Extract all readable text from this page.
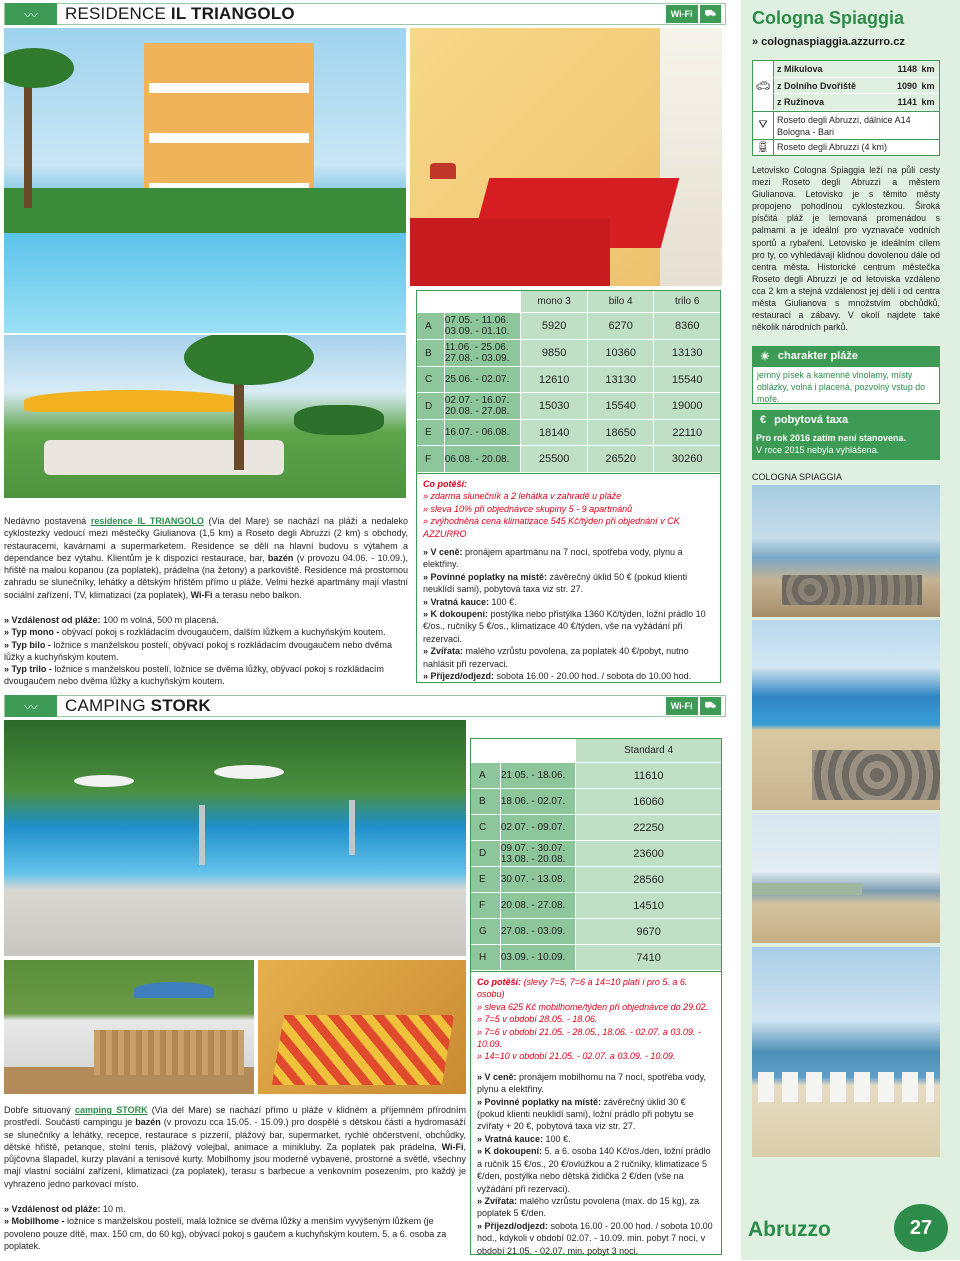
〰	RESIDENCE IL TRIANGOLO	Wi-Fi	⛟
Nedávno postavená residence IL TRIANGOLO (Via del Mare) se nachází na pláži a nedaleko cyklostezky vedoucí mezi městečky Giulianova (1,5 km) a Roseto degli Abruzzi (2 km) s obchody, restauracemi, kavárnami a supermarketem. Residence se dělí na hlavní budovu s výtahem a dependance bez výtahu. Klientům je k dispozici restaurace, bar, bazén (v provozu 04.06. - 10.09.), hřiště na malou kopanou (za poplatek), prádelna (na žetony) a parkoviště. Residence má prostornou zahradu se slunečníky, lehátky a dětským hřištěm přímo u pláže. Velmi hezké apartmány mají vlastní sociální zařízení, TV, klimatizaci (za poplatek), Wi-Fi a terasu nebo balkon.
» Vzdálenost od pláže: 100 m volná, 500 m placená.
» Typ mono - obývací pokoj s rozkládacím dvougaučem, dalším lůžkem a kuchyňským koutem.
» Typ bilo - ložnice s manželskou postelí, obývací pokoj s rozkládacím dvougaučem nebo dvěma lůžky a kuchyňským koutem.
» Typ trilo - ložnice s manželskou postelí, ložnice se dvěma lůžky, obývací pokoj s rozkládacím dvougaučem nebo dvěma lůžky a kuchyňským koutem.
mono 3	bilo 4	trilo 6
A	07.05. - 11.06.
03.09. - 01.10.	5920	6270	8360
B	11.06. - 25.06.
27.08. - 03.09.	9850	10360	13130
C	25.06. - 02.07.	12610	13130	15540
D	02.07. - 16.07.
20.08. - 27.08.	15030	15540	19000
E	16.07. - 06.08.	18140	18650	22110
F	06.08. - 20.08.	25500	26520	30260
Co potěší:
» zdarma slunečník a 2 lehátka v zahradě u pláže
» sleva 10% při objednávce skupiny 5 - 9 apartmánů
» zvýhodněná cena klimatizace 545 Kč/týden při objednání v CK AZZURRO
» V ceně: pronájem apartmánu na 7 nocí, spotřeba vody, plynu a elektřiny.
» Povinné poplatky na místě: závěrečný úklid 50 € (pokud klienti neuklídí sami), pobytová taxa viz str. 27.
» Vratná kauce: 100 €.
» K dokoupení: postýlka nebo přistýlka 1360 Kč/týden, ložní prádlo 10 €/os., ručníky 5 €/os., klimatizace 40 €/týden, vše na vyžádání při rezervaci.
» Zvířata: malého vzrůstu povolena, za poplatek 40 €/pobyt, nutno nahlásit při rezervaci.
» Příjezd/odjezd: sobota 16.00 - 20.00 hod. / sobota do 10.00 hod.
〰	CAMPING STORK	Wi-Fi	⛟
Dobře situovaný camping STORK (Via del Mare) se nachází přímo u pláže v klidném a příjemném přírodním prostředí. Součástí campingu je bazén (v provozu cca 15.05. - 15.09.) pro dospělé s dětskou částí a hydromasáží se slunečníky a lehátky, recepce, restaurace s pizzerií, plážový bar, supermarket, rychlé občerstvení, obchůdky, dětské hřiště, petanque, stolní tenis, plážový volejbal, animace a minikluby. Za poplatek pak prádelna, Wi-Fi, půjčovna šlapadel, kurzy plavání a tenisové kurty. Mobilhomy jsou moderně vybavené, prostorné a světlé, všechny mají vlastní sociální zařízení, klimatizaci (za poplatek), terasu s barbecue a venkovním posezením, pro každý je vyhrazeno jedno parkovací místo.
» Vzdálenost od pláže: 10 m.
» Mobilhome - ložnice s manželskou postelí, malá ložnice se dvěma lůžky a menším vyvýšeným lůžkem (je povoleno pouze dítě, max. 150 cm, do 60 kg), obývací pokoj s gaučem a kuchyňským koutem. 5. a 6. osoba za poplatek.
Standard 4
A	21.05. - 18.06.	11610
B	18.06. - 02.07.	16060
C	02.07. - 09.07.	22250
D	09.07. - 30.07.
13.08. - 20.08.	23600
E	30.07. - 13.08.	28560
F	20.08. - 27.08.	14510
G	27.08. - 03.09.	9670
H	03.09. - 10.09.	7410
Co potěší: (slevy 7=5, 7=6 a 14=10 platí i pro 5. a 6. osobu)
» sleva 625 Kč mobilhome/týden při objednávce do 29.02.
» 7=5 v období 28.05. - 18.06.
» 7=6 v období 21.05. - 28.05., 18.06. - 02.07. a 03.09. - 10.09.
» 14=10 v období 21.05. - 02.07. a 03.09. - 10.09.
» V ceně: pronájem mobilhomu na 7 nocí, spotřeba vody, plynu a elektřiny.
» Povinné poplatky na místě: závěrečný úklid 30 € (pokud klienti neuklidí sami), ložní prádlo při pobytu se zvířaty + 20 €, pobytová taxa viz str. 27.
» Vratná kauce: 100 €.
» K dokoupení: 5. a 6. osoba 140 Kč/os./den, ložní prádlo a ručník 15 €/os., 20 €/ovlúžkou a 2 ručníky, klimatizace 5 €/den, postýlka nebo dětská židička 2 €/den (vše na vyžádání při rezervaci).
» Zvířata: malého vzrůstu povolena (max. do 15 kg), za poplatek 5 €/den.
» Příjezd/odjezd: sobota 16.00 - 20.00 hod. / sobota 10.00 hod., kdykoli v období 02.07. - 10.09. min. pobyt 7 nocí, v období 21.05. - 02.07. min. pobyt 3 noci.
Cologna Spiaggia
» colognaspiaggia.azzurro.cz
🚗︎
z Mikulova	1148 km
z Dolního Dvořiště	1090 km
z Ružinova	1141 km
⛛	Roseto degli Abruzzi, dálnice A14
Bologna - Bari
🚆︎ Roseto degli Abruzzi (4 km)
Letovisko Cologna Spiaggia leží na půli cesty mezi Roseto degli Abruzzi a městem Giulianova. Letovisko je s těmito městy propojeno pohodlnou cyklostezkou. Široká písčitá pláž je lemovaná promenádou s palmami a je ideální pro vyznavače vodních sportů a rybaření. Letovisko je ideálním cílem pro ty, co vyhledávají klidnou dovolenou dále od centra města. Historické centrum městečka Roseto degli Abruzzi je od letoviska vzdáleno cca 2 km a stejná vzdálenost jej dělí i od centra města Giulianova s množstvím obchůdků, restaurací a zábavy. V okolí najdete také několik národních parků.
☀ charakter pláže
jemný písek a kamenné vlnolamy, místy oblázky, volná i placená, pozvolný vstup do moře.
€ pobytová taxa
Pro rok 2016 zatím není stanovena.
V roce 2015 nebyla vyhlášena.
COLOGNA SPIAGGIA
Abruzzo	27
